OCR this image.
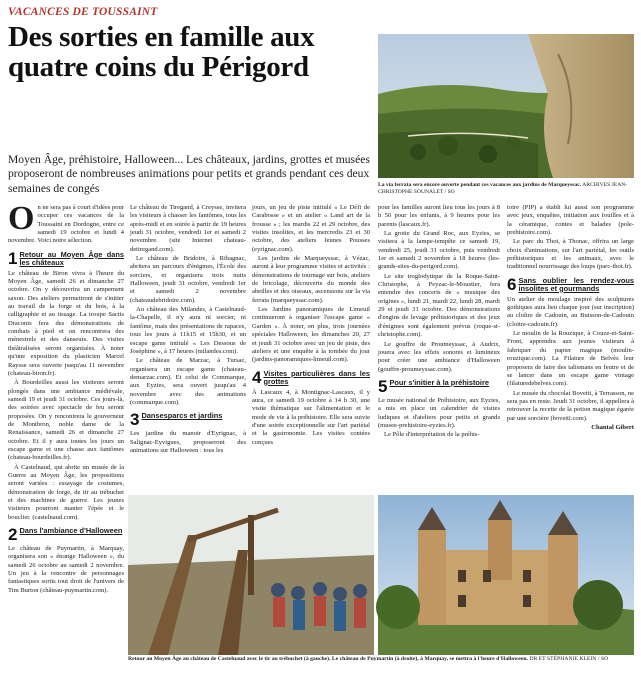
VACANCES DE TOUSSAINT
Des sorties en famille aux quatre coins du Périgord
Moyen Âge, préhistoire, Halloween... Les châteaux, jardins, grottes et musées proposeront de nombreuses animations pour petits et grands pendant ces deux semaines de congés	La via ferrata sera encore ouverte pendant ces vacances aux jardins de Marqueyssac. ARCHIVES JEAN-CHRISTOPHE SOUNALET / SO

On ne sera pas à court d'idées pour occuper ces vacances de la Toussaint en Dordogne, entre ce samedi 19 octobre et lundi 4 novembre. Voici notre sélection.

1 Retour au Moyen Âge dans les châteaux

Le château de Biron vivra à l'heure du Moyen Âge, samedi 26 et dimanche 27 octobre. On y découvrira un campement saxon. Des ateliers permettront de s'initier au travail de la forge et du bois, à la calligraphie et au tissage. La troupe Sactis Draconis fera des démonstrations de combats à pied et on rencontrera des ménestrels et des danseurs. Des visites théâtralisées seront organisées. À noter qu'une exposition du plasticien Marcel Raysse sera ouverte jusqu'au 11 novembre (chateau-biron.fr).

À Bourdeilles aussi les visiteurs seront plongés dans une ambiance médiévale, samedi 19 et jeudi 31 octobre. Ces jours-là, des soirées avec spectacle de feu seront proposées. On y rencontrera le gouverneur de Montbron, noble dame de la Renaissance, samedi 26 et dimanche 27 octobre. Et il y aura toutes les jours un escape game et une chasse aux fantômes (chateau-bourdeilles.fr).

À Castelnaud, qui abrite un musée de la Guerre au Moyen Âge, les propositions seront variées : essayage de costumes, démonstration de forge, de tir au trébuchet et des machines de guerre. Les jeunes visiteurs pourront manier l'épée et le bouclier. (castelnaud.com).

2 Dans l'ambiance d'Halloween

Le château de Puymartin, à Marquay, organisera son « étrange Halloween », du samedi 26 octobre au samedi 2 novembre. Un jeu à la rencontre de personnages fantastiques sortis tout droit de l'univers de Tim Burton (château-puymartin.com).

Le château de Tiregand, à Creysse, invitera les visiteurs à chasser les fantômes, tous les après-midi et en soirée à partir de 19 heures jeudi 31 octobre, vendredi 1er et samedi 2 novembre. (site Internet chateau-detiregand.com).

Le château de Bridoire, à Ribagnac, abritera un parcours d'énigmes, l'École des sorciers, et organisera trois nuits Halloween, jeudi 31 octobre, vendredi 1er et samedi 2 novembre (chateaudebridoire.com).

Au château des Milandes, à Castelnaud-la-Chapelle, il n'y aura ni sorcier, ni fantôme, mais des présentations de rapaces, tous les jours à 11h15 et 15h30, et un escape game intitulé « Les Dessous de Joséphine », à 17 heures (milandes.com).

Le château de Marzac, à Tursac, organisera un escape game (chateau-demarzac.com). Et celui de Commarque, aux Eyzies, sera ouvert jusqu'au 4 novembre avec des animations (commarque.com).

3 Dansesparcs et jardins

Les jardins du manoir d'Eyrignac, à Salignac-Eyvigues, proposeront des animations sur Halloween : tous les

jours, un jeu de piste intitulé « Le Défi de Carabosse » et un atelier « Land art de la frousse » ; les mardis 22 et 29 octobre, des visites insolites, et les mercredis 23 et 30 octobre, des ateliers Jeunes Pousses (eyrignac.com).

Les jardins de Marqueyssac, à Vézac, auront à leur programme visites et activités : démonstrations de tournage sur bois, ateliers de bricolage, découverte du monde des abeilles et des oiseaux, ascensions sur la via ferrata (marqueyssac.com).

Les Jardins panoramiques de Limeuil continueront à organiser l'escape game « Garden ». À noter, en plus, trois journées spéciales Halloween, les dimanches 20, 27 et jeudi 31 octobre avec un jeu de piste, des ateliers et une enquête à la tombée du jour (jardins-panoramiques-limeuil.com).

4 Visites particulières dans les grottes

À Lascaux 4, à Montignac-Lascaux, il y aura, ce samedi 19 octobre à 14 h 30, une visite thématique sur l'alimentation et le mode de vie à la préhistoire. Elle sera suivie d'une soirée exceptionnelle sur l'art pariétal et la gastronomie. Les visites contées conçues

pour les familles auront lieu tous les jours à 8 h 50 pour les enfants, à 9 heures pour les parents (lascaux.fr).

La grotte du Grand Roc, aux Eyzies, se visitera à la lampe-tempête ce samedi 19, vendredi 25, jeudi 31 octobre, puis vendredi 1er et samedi 2 novembre à 18 heures (les-grands-sites-du-perigord.com).

Le site troglodytique de la Roque-Saint-Christophe, à Peyzac-le-Moustier, fera entendre des concerts de « musique des origines », lundi 21, mardi 22, lundi 28, mardi 29 et jeudi 31 octobre. Des démonstrations d'engins de levage préhistoriques et des jeux d'énigmes sont également prévus (roque-st-christophe.com).

Le gouffre de Proumeyssac, à Audrix, jouera avec les effets sonores et lumineux pour créer une ambiance d'Halloween (gouffre-proumeyssac.com).

5 Pour s'initier à la préhistoire

Le musée national de Préhistoire, aux Eyzies, a mis en place un calendrier de visites ludiques et d'ateliers pour petits et grands (musee-prehistoire-eyzies.fr).

Le Pôle d'interprétation de la préhis-

toire (PIP) a établi lui aussi son programme avec jeux, enquêtes, initiation aux fouilles et à la céramique, contes et balades (pole-prehistoire.com).

Le parc du Thot, à Thonac, offrira un large choix d'animations, sur l'art pariétal, les outils préhistoriques et les animaux, avec le traditionnel nourrissage des loups (parc-thot.fr).

6 Sans oublier les rendez-vous insolites et gourmands

Un atelier de moulage inspiré des sculptures gothiques aura lieu chaque jour (sur inscription) au cloître de Cadouin, au Buisson-de-Cadouin (cloitre-cadouin.fr).

Le moulin de la Rouzique, à Couze-et-Saint-Front, apprendra aux jeunes visiteurs à fabriquer du papier magique (moulin-rouzique.com). La Filature de Belvès leur proposera de faire des talismans en feutre et de se lancer dans un escape game vintage (filaturedebelves.com).

Le musée du chocolat Bovetti, à Terrasson, ne sera pas en reste. Jeudi 31 octobre, il appellera à retrouver la recette de la potion magique égarée par une sorcière (bovetti.com).

Chantal Gibert

Retour au Moyen Âge au château de Castelnaud avec le tir au trébuchet (à gauche). Le château de Puymartin (à droite), à Marquay, se mettra à l'heure d'Halloween. DR ET STÉPHANIE KLEIN / SO
